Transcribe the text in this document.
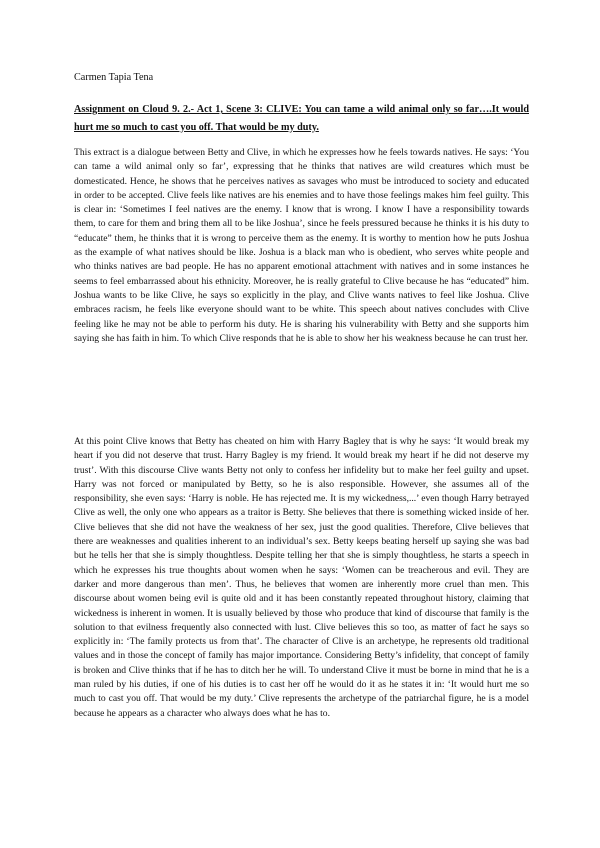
Carmen Tapia Tena
Assignment on Cloud 9. 2.- Act 1, Scene 3: CLIVE: You can tame a wild animal only so far….It would hurt me so much to cast you off. That would be my duty.

This extract is a dialogue between Betty and Clive, in which he expresses how he feels towards natives. He says: ‘You can tame a wild animal only so far’, expressing that he thinks that natives are wild creatures which must be domesticated. Hence, he shows that he perceives natives as savages who must be introduced to society and educated in order to be accepted. Clive feels like natives are his enemies and to have those feelings makes him feel guilty. This is clear in: ‘Sometimes I feel natives are the enemy. I know that is wrong. I know I have a responsibility towards them, to care for them and bring them all to be like Joshua’, since he feels pressured because he thinks it is his duty to “educate” them, he thinks that it is wrong to perceive them as the enemy. It is worthy to mention how he puts Joshua as the example of what natives should be like. Joshua is a black man who is obedient, who serves white people and who thinks natives are bad people. He has no apparent emotional attachment with natives and in some instances he seems to feel embarrassed about his ethnicity. Moreover, he is really grateful to Clive because he has “educated” him. Joshua wants to be like Clive, he says so explicitly in the play, and Clive wants natives to feel like Joshua. Clive embraces racism, he feels like everyone should want to be white. This speech about natives concludes with Clive feeling like he may not be able to perform his duty. He is sharing his vulnerability with Betty and she supports him saying she has faith in him. To which Clive responds that he is able to show her his weakness because he can trust her.

At this point Clive knows that Betty has cheated on him with Harry Bagley that is why he says: ‘It would break my heart if you did not deserve that trust. Harry Bagley is my friend. It would break my heart if he did not deserve my trust’. With this discourse Clive wants Betty not only to confess her infidelity but to make her feel guilty and upset. Harry was not forced or manipulated by Betty, so he is also responsible. However, she assumes all of the responsibility, she even says: ‘Harry is noble. He has rejected me. It is my wickedness,...’ even though Harry betrayed Clive as well, the only one who appears as a traitor is Betty. She believes that there is something wicked inside of her. Clive believes that she did not have the weakness of her sex, just the good qualities. Therefore, Clive believes that there are weaknesses and qualities inherent to an individual’s sex. Betty keeps beating herself up saying she was bad but he tells her that she is simply thoughtless. Despite telling her that she is simply thoughtless, he starts a speech in which he expresses his true thoughts about women when he says: ‘Women can be treacherous and evil. They are darker and more dangerous than men’. Thus, he believes that women are inherently more cruel than men. This discourse about women being evil is quite old and it has been constantly repeated throughout history, claiming that wickedness is inherent in women. It is usually believed by those who produce that kind of discourse that family is the solution to that evilness frequently also connected with lust. Clive believes this so too, as matter of fact he says so explicitly in: ‘The family protects us from that’. The character of Clive is an archetype, he represents old traditional values and in those the concept of family has major importance. Considering Betty’s infidelity, that concept of family is broken and Clive thinks that if he has to ditch her he will. To understand Clive it must be borne in mind that he is a man ruled by his duties, if one of his duties is to cast her off he would do it as he states it in: ‘It would hurt me so much to cast you off. That would be my duty.’ Clive represents the archetype of the patriarchal figure, he is a model because he appears as a character who always does what he has to.
